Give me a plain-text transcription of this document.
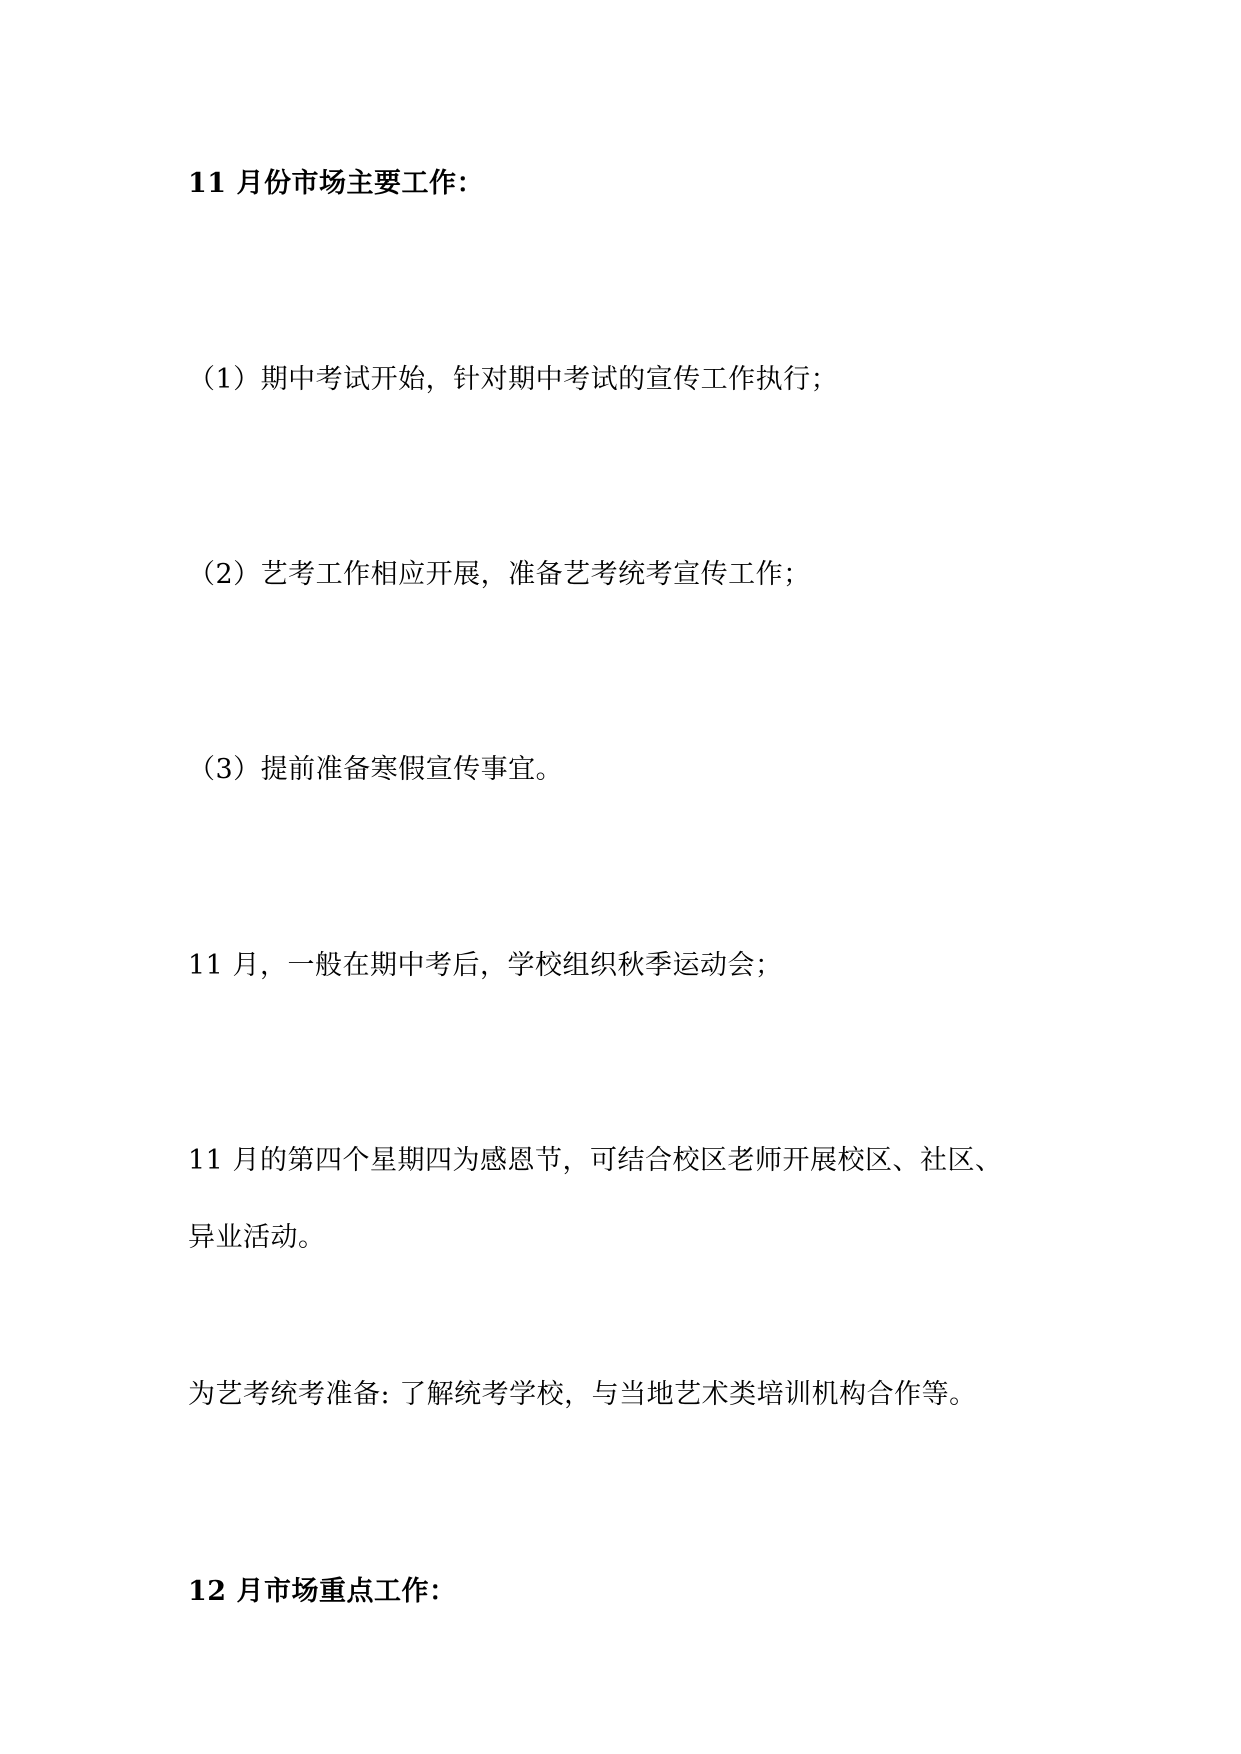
11 月份市场主要工作：

（1）期中考试开始，针对期中考试的宣传工作执行；

（2）艺考工作相应开展，准备艺考统考宣传工作；

（3）提前准备寒假宣传事宜。

11 月，一般在期中考后，学校组织秋季运动会；

11 月的第四个星期四为感恩节，可结合校区老师开展校区、社区、

异业活动。

为艺考统考准备: 了解统考学校，与当地艺术类培训机构合作等。

12 月市场重点工作：
